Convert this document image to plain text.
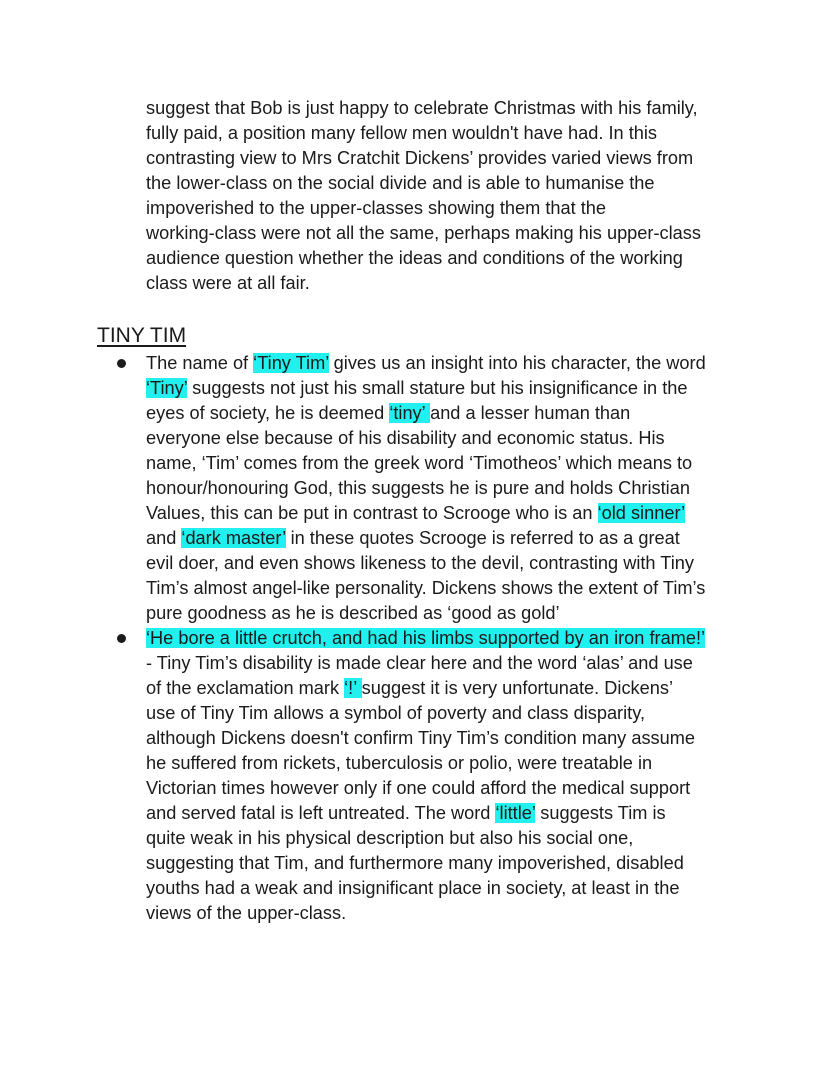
suggest that Bob is just happy to celebrate Christmas with his family,
fully paid, a position many fellow men wouldn't have had. In this
contrasting view to Mrs Cratchit Dickens’ provides varied views from
the lower-class on the social divide and is able to humanise the
impoverished to the upper-classes showing them that the
working-class were not all the same, perhaps making his upper-class
audience question whether the ideas and conditions of the working
class were at all fair.
TINY TIM
The name of ‘Tiny Tim’ gives us an insight into his character, the word
‘Tiny’ suggests not just his small stature but his insignificance in the
eyes of society, he is deemed ‘tiny’ and a lesser human than
everyone else because of his disability and economic status. His
name, ‘Tim’ comes from the greek word ‘Timotheos’ which means to
honour/honouring God, this suggests he is pure and holds Christian
Values, this can be put in contrast to Scrooge who is an ‘old sinner’
and ‘dark master’ in these quotes Scrooge is referred to as a great
evil doer, and even shows likeness to the devil, contrasting with Tiny
Tim’s almost angel-like personality. Dickens shows the extent of Tim’s
pure goodness as he is described as ‘good as gold’
‘He bore a little crutch, and had his limbs supported by an iron frame!’
- Tiny Tim’s disability is made clear here and the word ‘alas’ and use
of the exclamation mark ‘!’ suggest it is very unfortunate. Dickens’
use of Tiny Tim allows a symbol of poverty and class disparity,
although Dickens doesn't confirm Tiny Tim’s condition many assume
he suffered from rickets, tuberculosis or polio, were treatable in
Victorian times however only if one could afford the medical support
and served fatal is left untreated. The word ‘little’ suggests Tim is
quite weak in his physical description but also his social one,
suggesting that Tim, and furthermore many impoverished, disabled
youths had a weak and insignificant place in society, at least in the
views of the upper-class.
